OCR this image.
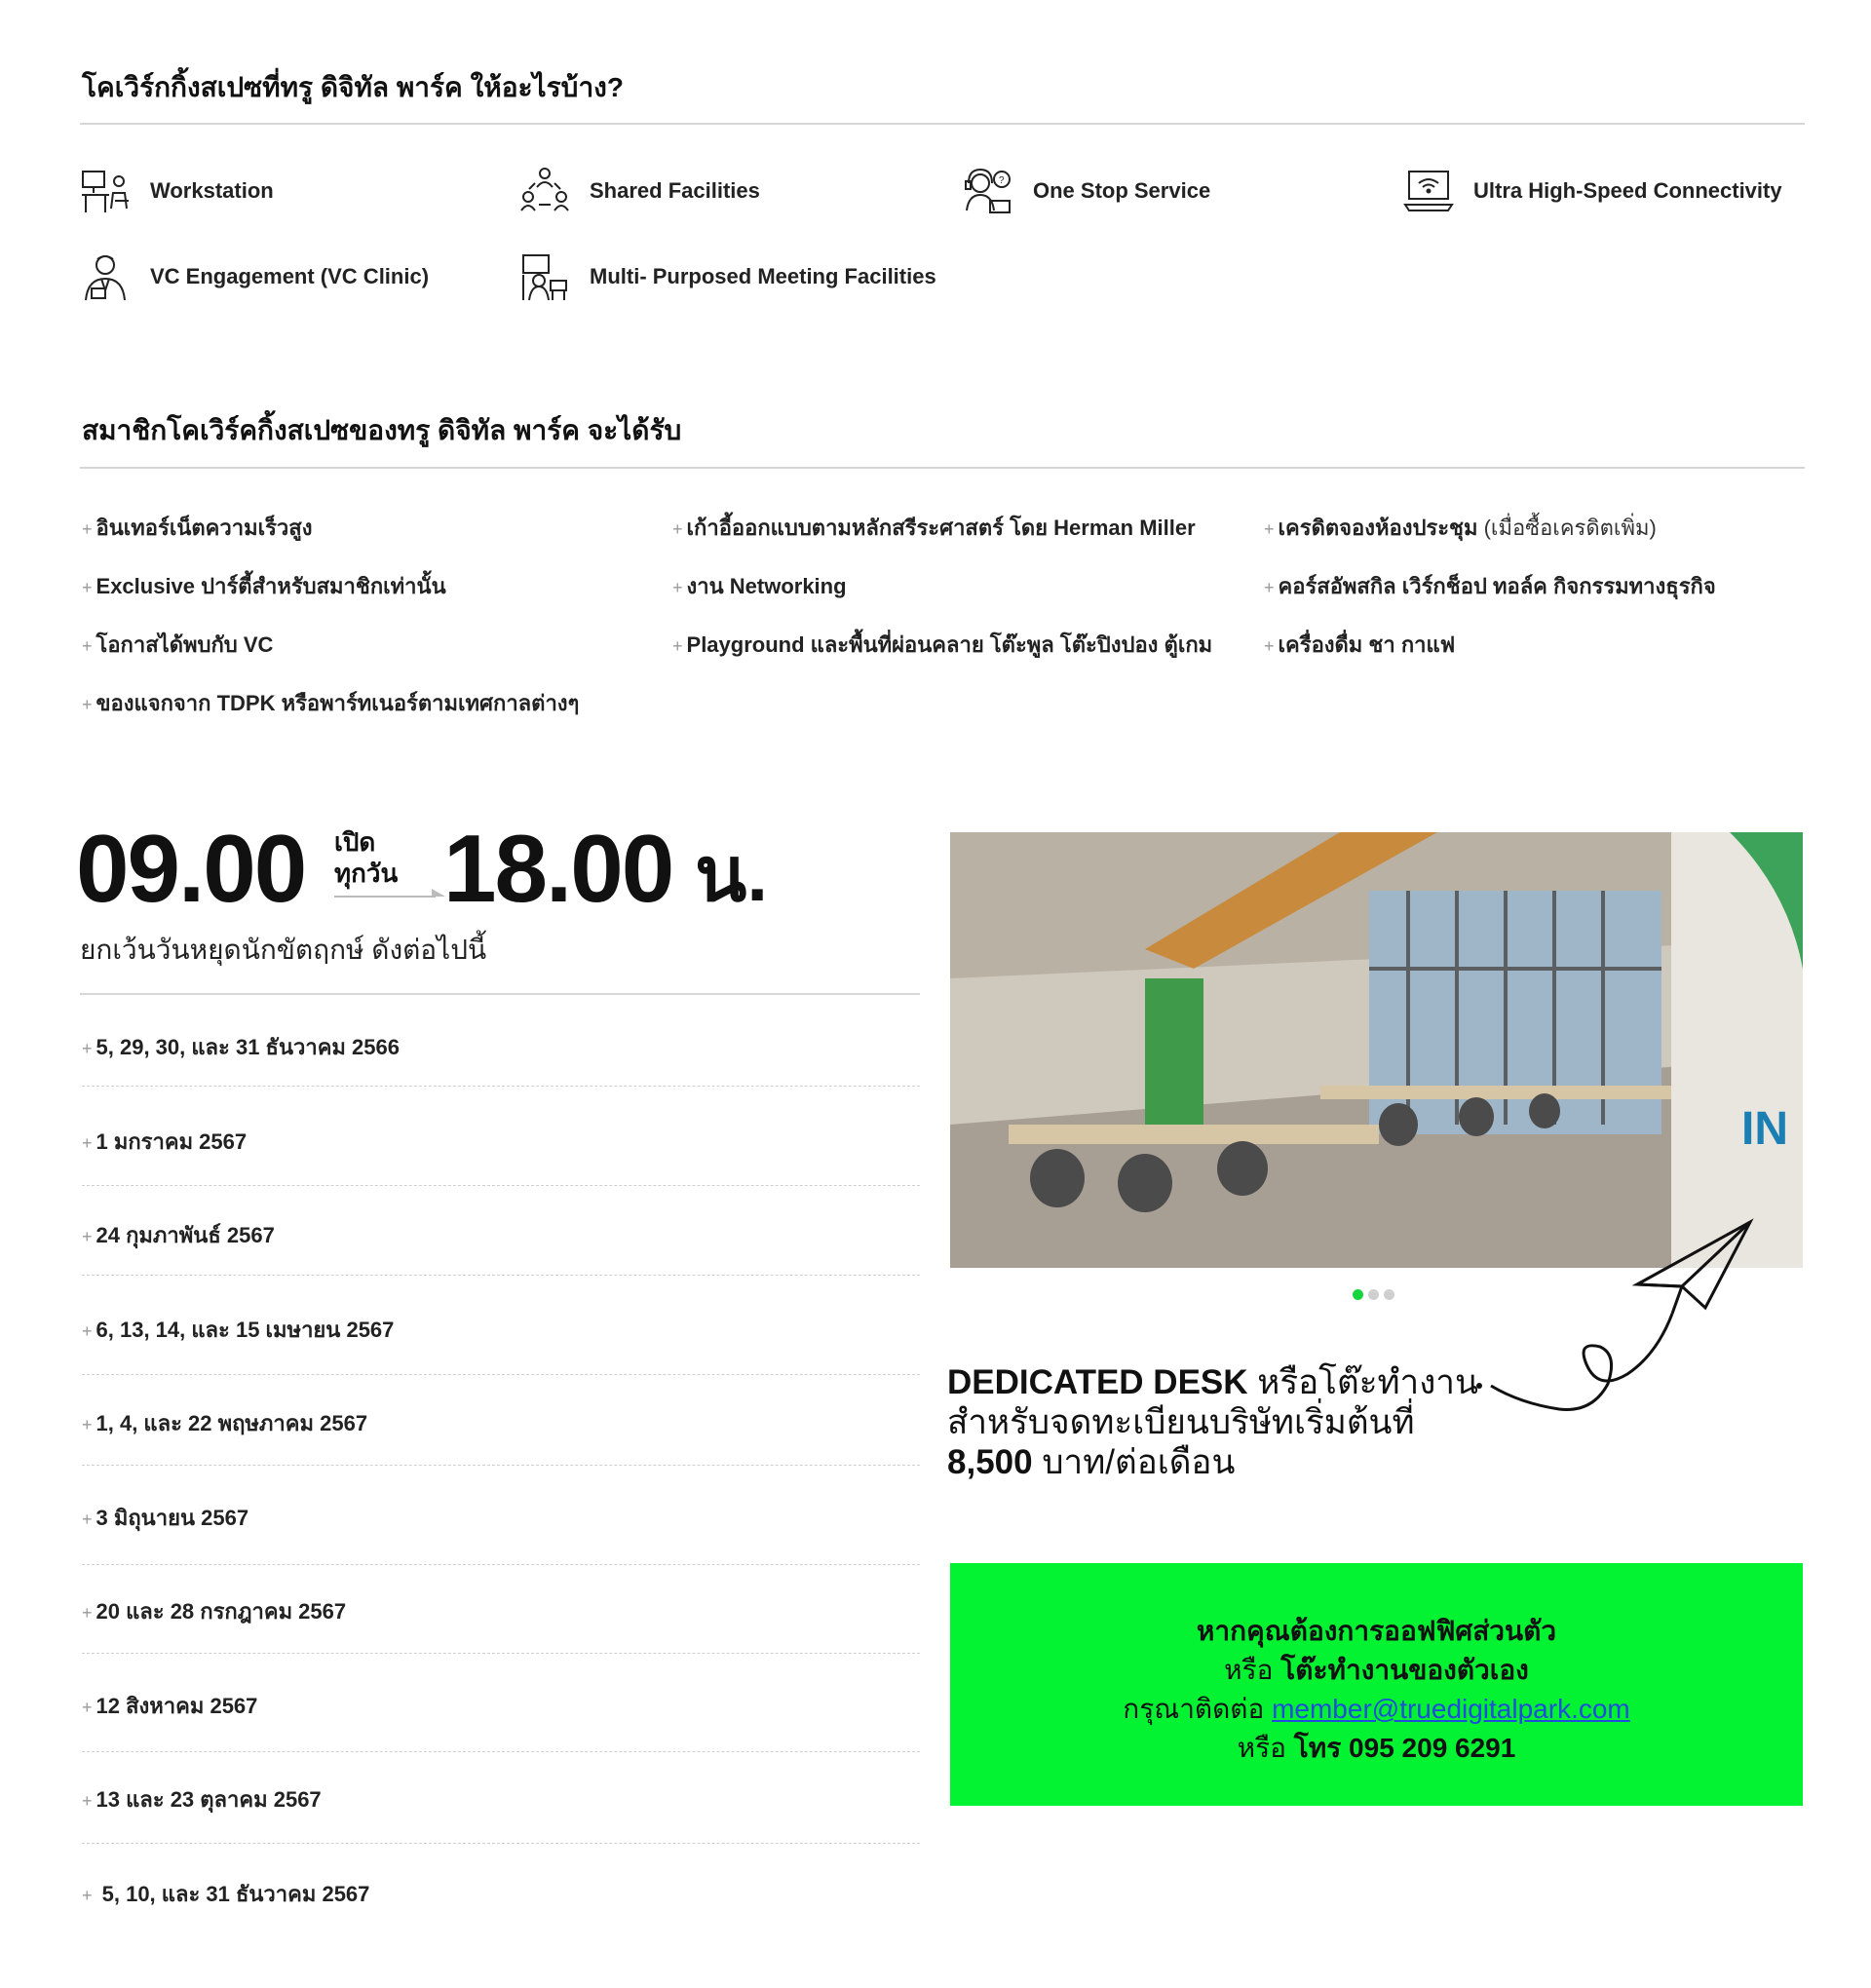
โคเวิร์กกิ้งสเปซที่ทรู ดิจิทัล พาร์ค ให้อะไรบ้าง?
Workstation	Shared Facilities	? One Stop Service	Ultra High-Speed Connectivity
VC Engagement (VC Clinic)	Multi- Purposed Meeting Facilities
สมาชิกโคเวิร์คกิ้งสเปซของทรู ดิจิทัล พาร์ค จะได้รับ
+ อินเทอร์เน็ตความเร็วสูง	+ เก้าอี้ออกแบบตามหลักสรีระศาสตร์ โดย Herman Miller	+ เครดิตจองห้องประชุม (เมื่อซื้อเครดิตเพิ่ม)
+ Exclusive ปาร์ตี้สำหรับสมาชิกเท่านั้น	+ งาน Networking	+ คอร์สอัพสกิล เวิร์กช็อป ทอล์ค กิจกรรมทางธุรกิจ
+ โอกาสได้พบกับ VC	+ Playground และพื้นที่ผ่อนคลาย โต๊ะพูล โต๊ะปิงปอง ตู้เกม	+ เครื่องดื่ม ชา กาแฟ
+ ของแจกจาก TDPK หรือพาร์ทเนอร์ตามเทศกาลต่างๆ
09.00 เปิด
ทุกวัน 18.00 น.
ยกเว้นวันหยุดนักขัตฤกษ์ ดังต่อไปนี้
+ 5, 29, 30, และ 31 ธันวาคม 2566
+ 1 มกราคม 2567
+ 24 กุมภาพันธ์ 2567
+ 6, 13, 14, และ 15 เมษายน 2567
+ 1, 4, และ 22 พฤษภาคม 2567
+ 3 มิถุนายน 2567
+ 20 และ 28 กรกฎาคม 2567
+ 12 สิงหาคม 2567
+ 13 และ 23 ตุลาคม 2567
+ 5, 10, และ 31 ธันวาคม 2567
IN
DEDICATED DESK หรือโต๊ะทำงาน
สำหรับจดทะเบียนบริษัทเริ่มต้นที่
8,500 บาท/ต่อเดือน
หากคุณต้องการออฟฟิศส่วนตัว
หรือ โต๊ะทำงานของตัวเอง
กรุณาติดต่อ member@truedigitalpark.com
หรือ โทร 095 209 6291
